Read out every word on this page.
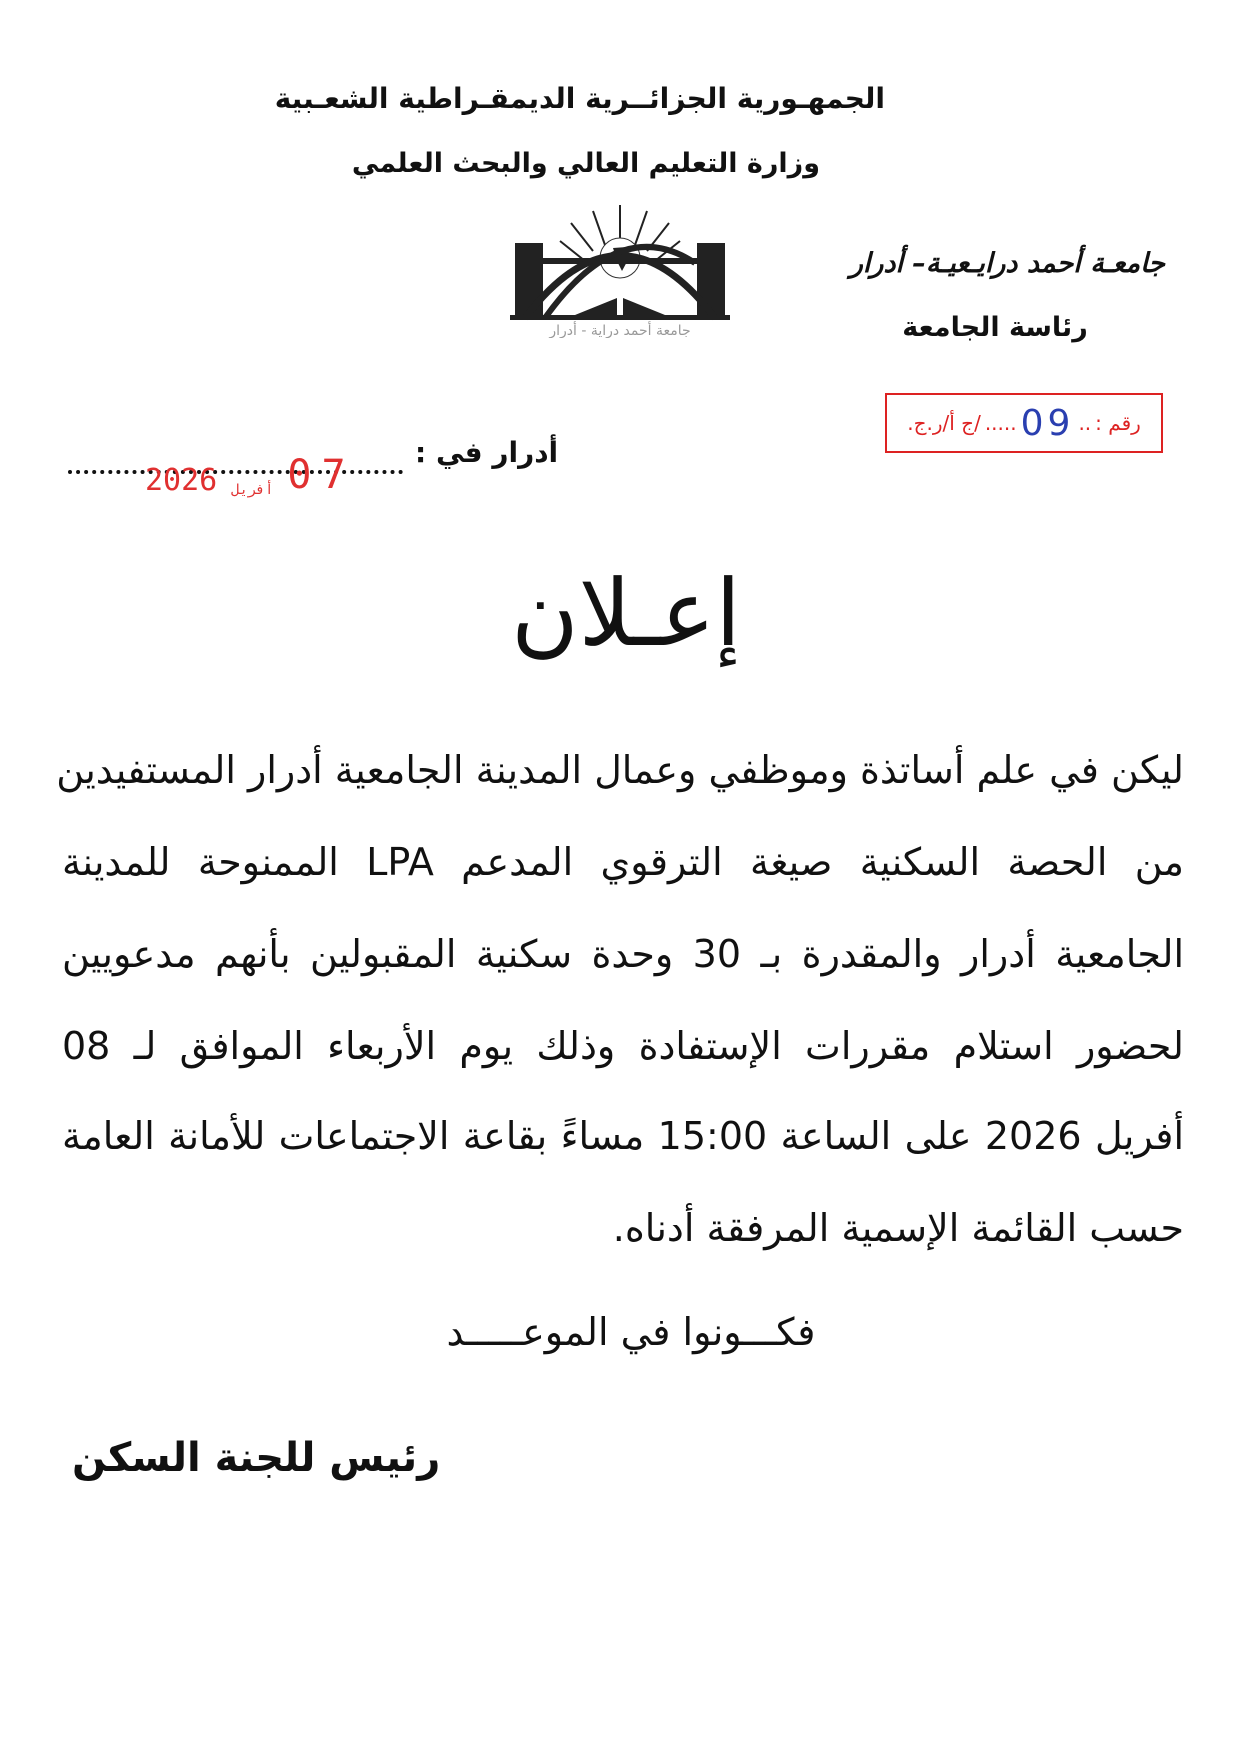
الجمهـورية الجزائــرية الديمقـراطية الشعـبية
وزارة التعليم العالي والبحث العلمي
جامعة أحمد دراية - أدرار
جامعـة أحمد درايـعيـة– أدرار
رئاسة الجامعة
رقم :
..
09
.....
/ج أ/ر.ج.
أدرار في :
2026 أفريل 07
إعـلان
ليكن في علم أساتذة وموظفي وعمال المدينة الجامعية أدرار المستفيدين
من الحصة السكنية صيغة الترقوي المدعم LPA الممنوحة للمدينة
الجامعية أدرار والمقدرة بـ 30 وحدة سكنية المقبولين بأنهم مدعويين
لحضور استلام مقررات الإستفادة وذلك يوم الأربعاء الموافق لـ 08
أفريل 2026 على الساعة 15:00 مساءً بقاعة الاجتماعات للأمانة العامة
حسب القائمة الإسمية المرفقة أدناه.
فكـــونوا في الموعـــــد
رئيس للجنة السكن
